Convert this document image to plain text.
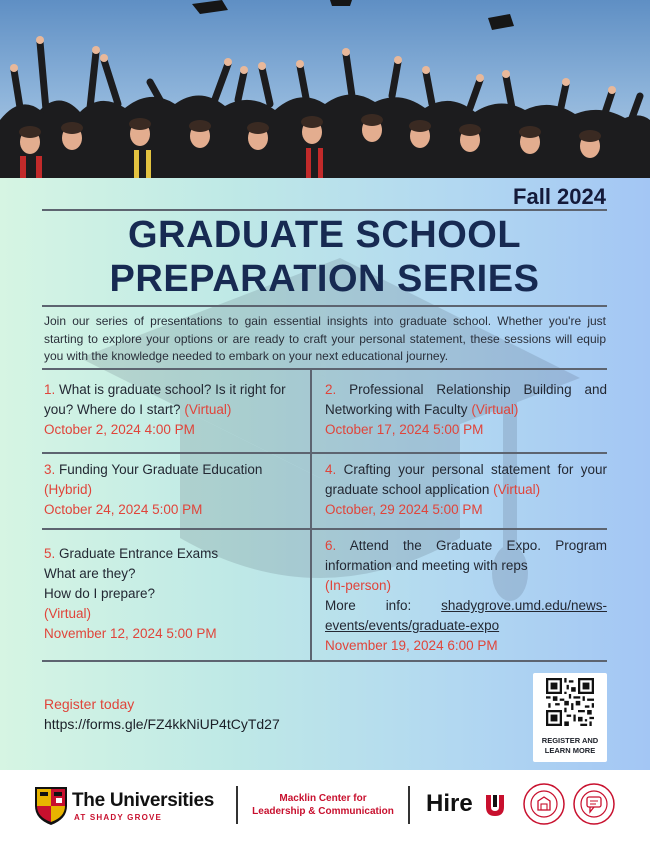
Fall 2024
GRADUATE SCHOOL
PREPARATION SERIES

Join our series of presentations to gain essential insights into graduate school. Whether you're just starting to explore your options or are ready to craft your personal statement, these sessions will equip you with the knowledge needed to embark on your next educational journey.

1. What is graduate school? Is it right for you? Where do I start? (Virtual)
October 2, 2024 4:00 PM
2. Professional Relationship Building and Networking with Faculty (Virtual)
October 17, 2024 5:00 PM
3. Funding Your Graduate Education
(Hybrid)
October 24, 2024 5:00 PM
4. Crafting your personal statement for your graduate school application (Virtual)
October, 29 2024 5:00 PM
5. Graduate Entrance Exams
What are they?
How do I prepare?
(Virtual)
November 12, 2024 5:00 PM
6. Attend the Graduate Expo. Program information and meeting with reps
(In-person)
More info: shadygrove.umd.edu/news-events/events/graduate-expo
November 19, 2024 6:00 PM
Register today
https://forms.gle/FZ4kkNiUP4tCyTd27
REGISTER AND
LEARN MORE
The Universities
AT SHADY GROVE
Macklin Center for
Leadership & Communication Hire
